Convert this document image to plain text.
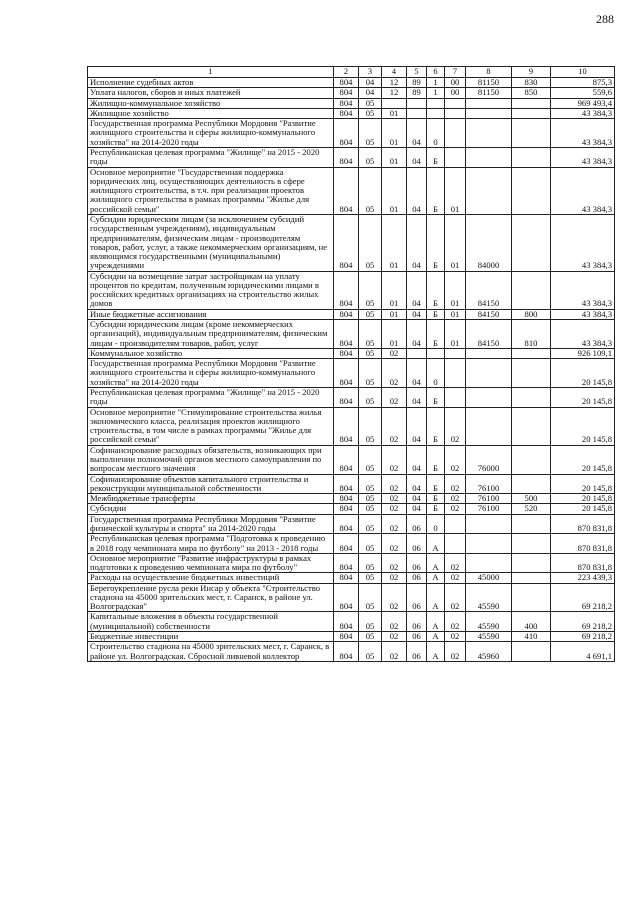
288
1	2	3	4	5	6	7	8	9	10
Исполнение судебных актов	804	04	12	89	1	00	81150	830	875,3
Уплата налогов, сборов и иных платежей	804	04	12	89	1	00	81150	850	559,6
Жилищно-коммунальное хозяйство	804	05							969 493,4
Жилищное хозяйство	804	05	01						43 384,3
Государственная программа Республики Мордовия "Развитие жилищного строительства и сферы жилищно-коммунального хозяйства" на 2014-2020 годы	804	05	01	04	0				43 384,3
Республиканская целевая программа "Жилище" на 2015 - 2020 годы	804	05	01	04	Б				43 384,3
Основное мероприятие "Государственная поддержка юридических лиц, осуществляющих деятельность в сфере жилищного строительства, в т.ч. при реализации проектов жилищного строительства в рамках программы "Жилье для российской семьи"	804	05	01	04	Б	01			43 384,3
Субсидии юридическим лицам (за исключением субсидий государственным учреждениям), индивидуальным предпринимателям, физическим лицам - производителям товаров, работ, услуг, а также некоммерческим организациям, не являющимся государственными (муниципальными) учреждениями	804	05	01	04	Б	01	84000		43 384,3
Субсидии на возмещение затрат застройщикам на уплату процентов по кредитам, полученным юридическими лицами в российских кредитных организациях на строительство жилых домов	804	05	01	04	Б	01	84150		43 384,3
Иные бюджетные ассигнования	804	05	01	04	Б	01	84150	800	43 384,3
Субсидии юридическим лицам (кроме некоммерческих организаций), индивидуальным предпринимателям, физическим лицам - производителям товаров, работ, услуг	804	05	01	04	Б	01	84150	810	43 384,3
Коммунальное хозяйство	804	05	02						926 109,1
Государственная программа Республики Мордовия "Развитие жилищного строительства и сферы жилищно-коммунального хозяйства" на 2014-2020 годы	804	05	02	04	0				20 145,8
Республиканская целевая программа "Жилище" на 2015 - 2020 годы	804	05	02	04	Б				20 145,8
Основное мероприятие "Стимулирование строительства жилья экономического класса, реализация проектов жилищного строительства, в том числе в рамках программы "Жилье для российской семьи"	804	05	02	04	Б	02			20 145,8
Софинансирование расходных обязательств, возникающих при выполнении полномочий органов местного самоуправления по вопросам местного значения	804	05	02	04	Б	02	76000		20 145,8
Софинансирование объектов капитального строительства и реконструкции муниципальной собственности	804	05	02	04	Б	02	76100		20 145,8
Межбюджетные трансферты	804	05	02	04	Б	02	76100	500	20 145,8
Субсидии	804	05	02	04	Б	02	76100	520	20 145,8
Государственная программа Республики Мордовия "Развитие физической культуры и спорта" на 2014-2020 годы	804	05	02	06	0				870 831,8
Республиканская целевая программа "Подготовка к проведению в 2018 году чемпионата мира по футболу" на 2013 - 2018 годы	804	05	02	06	А				870 831,8
Основное мероприятие "Развитие инфраструктуры в рамках подготовки к проведению чемпионата мира по футболу"	804	05	02	06	А	02			870 831,8
Расходы на осуществление бюджетных инвестиций	804	05	02	06	А	02	45000		223 439,3
Берегоукрепление русла реки Инсар у объекта "Строительство стадиона на 45000 зрительских мест, г. Саранск, в районе ул. Волгоградская"	804	05	02	06	А	02	45590		69 218,2
Капитальные вложения в объекты государственной (муниципальной) собственности	804	05	02	06	А	02	45590	400	69 218,2
Бюджетные инвестиции	804	05	02	06	А	02	45590	410	69 218,2
Строительство стадиона на 45000 зрительских мест, г. Саранск, в районе ул. Волгоградская. Сбросной ливневой коллектор	804	05	02	06	А	02	45960		4 691,1
